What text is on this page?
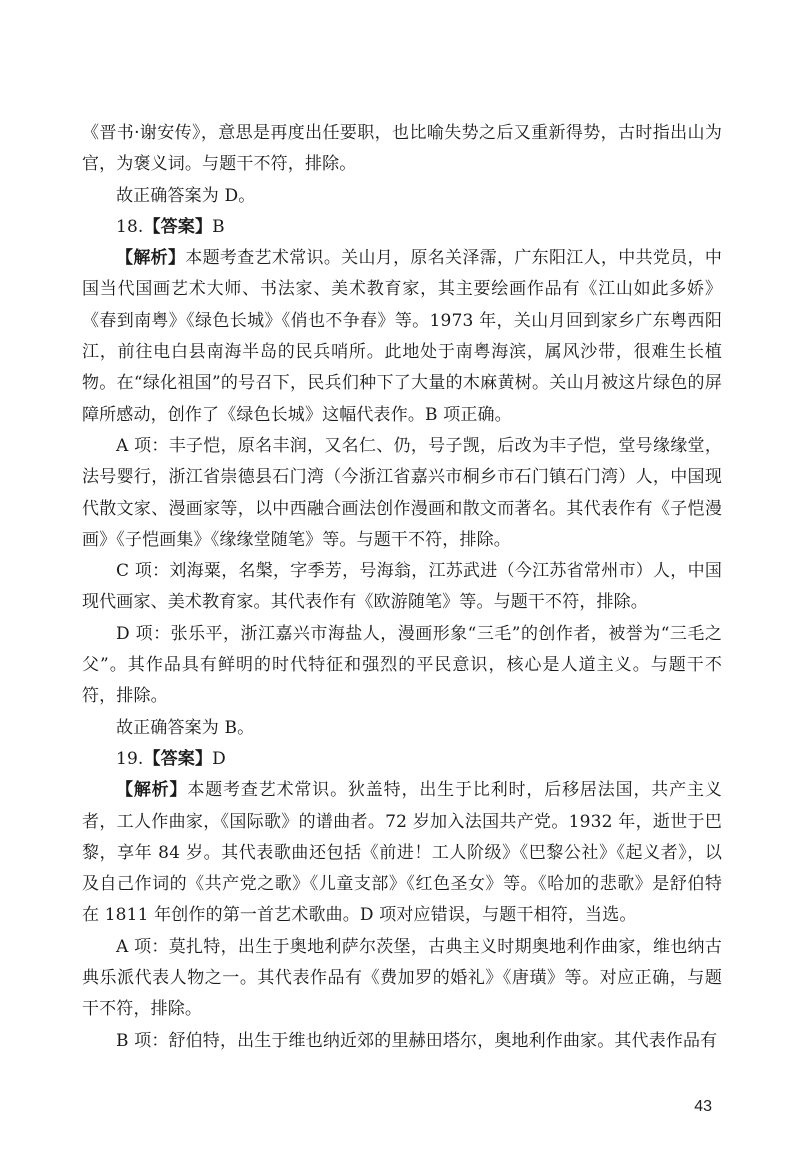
《晋书·谢安传》，意思是再度出任要职，也比喻失势之后又重新得势，古时指出山为官，为褒义词。与题干不符，排除。

故正确答案为 D。

18.【答案】B

【解析】本题考查艺术常识。关山月，原名关泽霈，广东阳江人，中共党员，中国当代国画艺术大师、书法家、美术教育家，其主要绘画作品有《江山如此多娇》《春到南粤》《绿色长城》《俏也不争春》等。1973 年，关山月回到家乡广东粤西阳江，前往电白县南海半岛的民兵哨所。此地处于南粤海滨，属风沙带，很难生长植物。在“绿化祖国”的号召下，民兵们种下了大量的木麻黄树。关山月被这片绿色的屏障所感动，创作了《绿色长城》这幅代表作。B 项正确。

A 项：丰子恺，原名丰润，又名仁、仍，号子觊，后改为丰子恺，堂号缘缘堂，法号婴行，浙江省崇德县石门湾（今浙江省嘉兴市桐乡市石门镇石门湾）人，中国现代散文家、漫画家等，以中西融合画法创作漫画和散文而著名。其代表作有《子恺漫画》《子恺画集》《缘缘堂随笔》等。与题干不符，排除。

C 项：刘海粟，名槃，字季芳，号海翁，江苏武进（今江苏省常州市）人，中国现代画家、美术教育家。其代表作有《欧游随笔》等。与题干不符，排除。

D 项：张乐平，浙江嘉兴市海盐人，漫画形象“三毛”的创作者，被誉为“三毛之父”。其作品具有鲜明的时代特征和强烈的平民意识，核心是人道主义。与题干不符，排除。

故正确答案为 B。

19.【答案】D

【解析】本题考查艺术常识。狄盖特，出生于比利时，后移居法国，共产主义者，工人作曲家，《国际歌》的谱曲者。72 岁加入法国共产党。1932 年，逝世于巴黎，享年 84 岁。其代表歌曲还包括《前进！工人阶级》《巴黎公社》《起义者》，以及自己作词的《共产党之歌》《儿童支部》《红色圣女》等。《哈加的悲歌》是舒伯特在 1811 年创作的第一首艺术歌曲。D 项对应错误，与题干相符，当选。

A 项：莫扎特，出生于奥地利萨尔茨堡，古典主义时期奥地利作曲家，维也纳古典乐派代表人物之一。其代表作品有《费加罗的婚礼》《唐璜》等。对应正确，与题干不符，排除。

B 项：舒伯特，出生于维也纳近郊的里赫田塔尔，奥地利作曲家。其代表作品有

43
